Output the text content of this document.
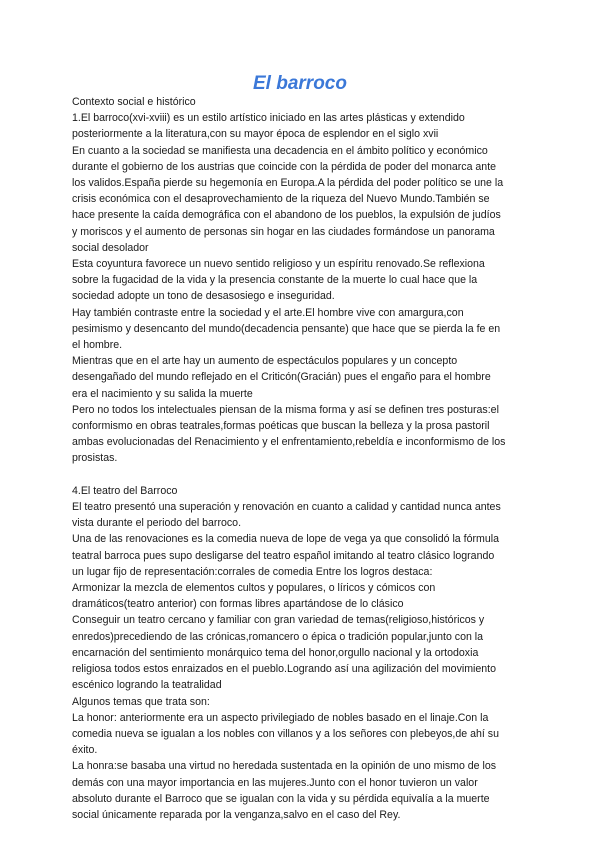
El barroco
Contexto social e histórico
1.El barroco(xvi-xviii) es un estilo artístico iniciado en las artes plásticas y extendido
posteriormente a la literatura,con su mayor época de esplendor en el siglo xvii
En cuanto a la sociedad se manifiesta una decadencia en el ámbito político y económico
durante el gobierno de los austrias que coincide con la pérdida de poder del monarca ante
los validos.España pierde su hegemonía en Europa.A la pérdida del poder político se une la
crisis económica con el desaprovechamiento de la riqueza del Nuevo Mundo.También se
hace presente la caída demográfica con el abandono de los pueblos, la expulsión de judíos
y moriscos y el aumento de personas sin hogar en las ciudades formándose un panorama
social desolador
Esta coyuntura favorece un nuevo sentido religioso y un espíritu renovado.Se reflexiona
sobre la fugacidad de la vida y la presencia constante de la muerte lo cual hace que la
sociedad adopte un tono de desasosiego e inseguridad.
Hay también contraste entre la sociedad y el arte.El hombre vive con amargura,con
pesimismo y desencanto del mundo(decadencia pensante) que hace que se pierda la fe en
el hombre.
Mientras que en el arte hay un aumento de espectáculos populares y un concepto
desengañado del mundo reflejado en el Criticón(Gracián) pues el engaño para el hombre
era el nacimiento y su salida la muerte
Pero no todos los intelectuales piensan de la misma forma y así se definen tres posturas:el
conformismo en obras teatrales,formas poéticas que buscan la belleza y la prosa pastoril
ambas evolucionadas del Renacimiento y el enfrentamiento,rebeldía e inconformismo de los
prosistas.
4.El teatro del Barroco
El teatro presentó una superación y renovación en cuanto a calidad y cantidad nunca antes
vista durante el periodo del barroco.
Una de las renovaciones es la comedia nueva de lope de vega ya que consolidó la fórmula
teatral barroca pues supo desligarse del teatro español imitando al teatro clásico logrando
un lugar fijo de representación:corrales de comedia Entre los logros destaca:
Armonizar la mezcla de elementos cultos y populares, o líricos y cómicos con
dramáticos(teatro anterior) con formas libres apartándose de lo clásico
Conseguir un teatro cercano y familiar con gran variedad de temas(religioso,históricos y
enredos)precediendo de las crónicas,romancero o épica o tradición popular,junto con la
encarnación del sentimiento monárquico tema del honor,orgullo nacional y la ortodoxia
religiosa todos estos enraizados en el pueblo.Logrando así una agilización del movimiento
escénico logrando la teatralidad
Algunos temas que trata son:
La honor: anteriormente era un aspecto privilegiado de nobles basado en el linaje.Con la
comedia nueva se igualan a los nobles con villanos y a los señores con plebeyos,de ahí su
éxito.
La honra:se basaba una virtud no heredada sustentada en la opinión de uno mismo de los
demás con una mayor importancia en las mujeres.Junto con el honor tuvieron un valor
absoluto durante el Barroco que se igualan con la vida y su pérdida equivalía a la muerte
social únicamente reparada por la venganza,salvo en el caso del Rey.
